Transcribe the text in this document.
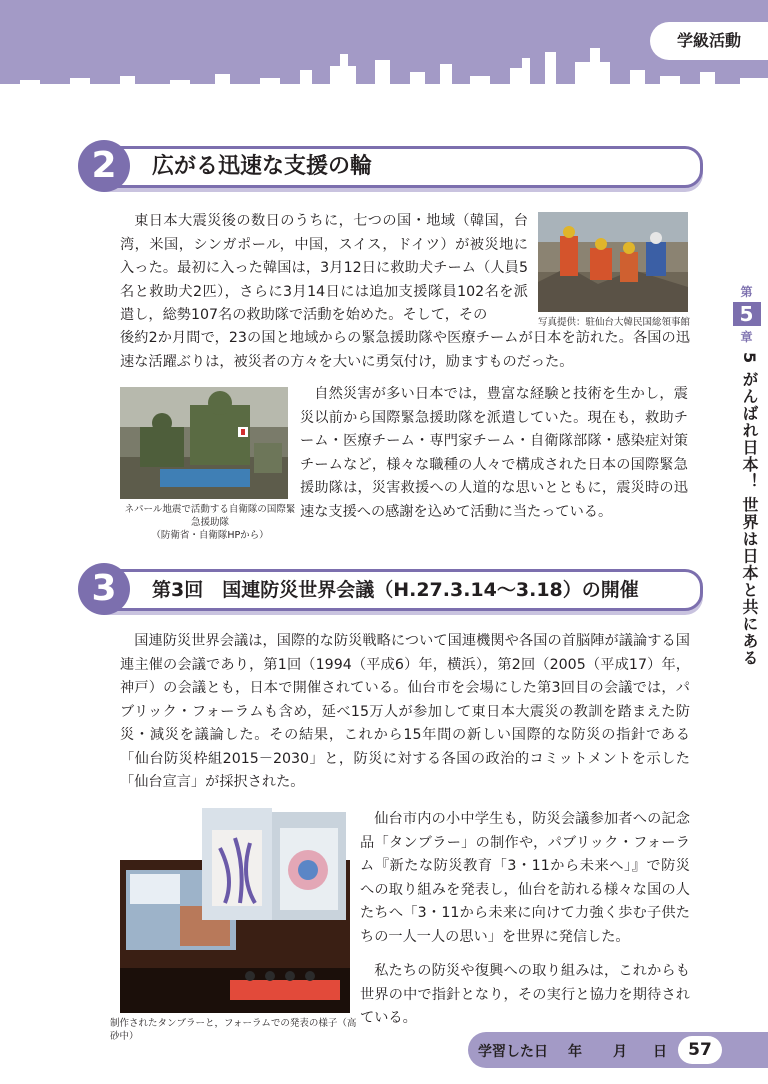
学級活動
第
5
章
5 がんばれ日本！ 世界は日本と共にある
2	広がる迅速な支援の輪

東日本大震災後の数日のうちに，七つの国・地域（韓国，台湾，米国，シンガポール，中国，スイス，ドイツ）が被災地に入った。最初に入った韓国は，3月12日に救助犬チーム（人員5名と救助犬2匹），さらに3月14日には追加支援隊員102名を派遣し，総勢107名の救助隊で活動を始めた。そして，その

後約2か月間で，23の国と地域からの緊急援助隊や医療チームが日本を訪れた。各国の迅速な活躍ぶりは，被災者の方々を大いに勇気付け，励ますものだった。

写真提供：駐仙台大韓民国総領事館
ネパール地震で活動する自衛隊の国際緊急援助隊
（防衛省・自衛隊HPから）

自然災害が多い日本では，豊富な経験と技術を生かし，震災以前から国際緊急援助隊を派遣していた。現在も，救助チーム・医療チーム・専門家チーム・自衛隊部隊・感染症対策チームなど，様々な職種の人々で構成された日本の国際緊急援助隊は，災害救援への人道的な思いとともに，震災時の迅速な支援への感謝を込めて活動に当たっている。

3	第3回　国連防災世界会議（H.27.3.14～3.18）の開催

国連防災世界会議は，国際的な防災戦略について国連機関や各国の首脳陣が議論する国連主催の会議であり，第1回（1994（平成6）年，横浜），第2回（2005（平成17）年，神戸）の会議とも，日本で開催されている。仙台市を会場にした第3回目の会議では，パブリック・フォーラムも含め，延べ15万人が参加して東日本大震災の教訓を踏まえた防災・減災を議論した。その結果，これから15年間の新しい国際的な防災の指針である「仙台防災枠組2015－2030」と，防災に対する各国の政治的コミットメントを示した「仙台宣言」が採択された。

制作されたタンブラーと，フォーラムでの発表の様子（高砂中）

仙台市内の小中学生も，防災会議参加者への記念品「タンブラー」の制作や，パブリック・フォーラム『新たな防災教育「3・11から未来へ」』で防災への取り組みを発表し，仙台を訪れる様々な国の人たちへ「3・11から未来に向けて力強く歩む子供たちの一人一人の思い」を世界に発信した。

私たちの防災や復興への取り組みは，これからも世界の中で指針となり，その実行と協力を期待されている。

学習した日 年 月 日	57
